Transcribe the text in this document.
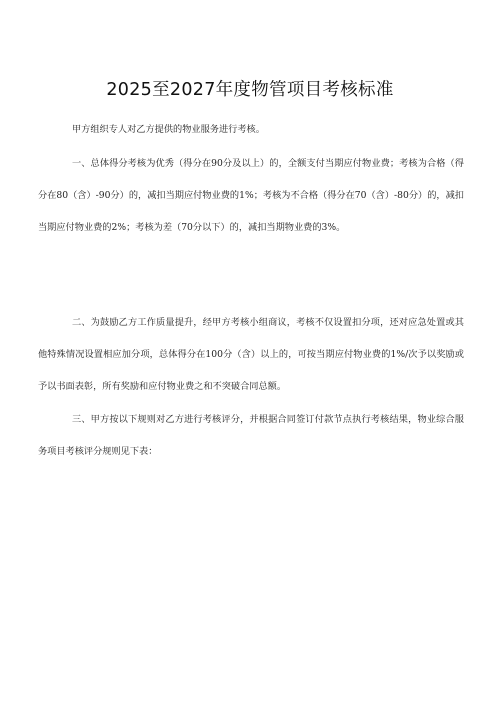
2025至2027年度物管项目考核标准

甲方组织专人对乙方提供的物业服务进行考核。

一、总体得分考核为优秀（得分在90分及以上）的，全额支付当期应付物业费；考核为合格（得分在80（含）-90分）的，减扣当期应付物业费的1%；考核为不合格（得分在70（含）-80分）的，减扣当期应付物业费的2%；考核为差（70分以下）的，减扣当期物业费的3%。

二、为鼓励乙方工作质量提升，经甲方考核小组商议，考核不仅设置扣分项，还对应急处置或其他特殊情况设置相应加分项，总体得分在100分（含）以上的，可按当期应付物业费的1%/次予以奖励或予以书面表彰，所有奖励和应付物业费之和不突破合同总额。

三、甲方按以下规则对乙方进行考核评分，并根据合同签订付款节点执行考核结果，物业综合服务项目考核评分规则见下表：
